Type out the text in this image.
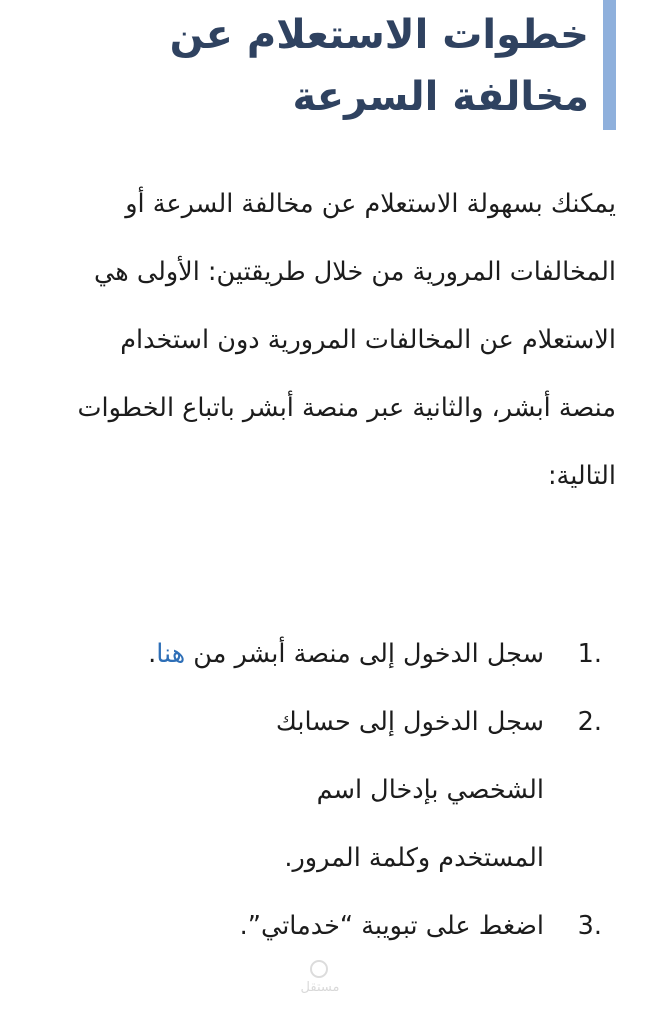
خطوات الاستعلام عن
مخالفة السرعة

يمكنك بسهولة الاستعلام عن مخالفة السرعة أو المخالفات المرورية من خلال طريقتين: الأولى هي الاستعلام عن المخالفات المرورية دون استخدام منصة أبشر، والثانية عبر منصة أبشر باتباع الخطوات التالية:

1.
سجل الدخول إلى منصة أبشر من هنا.
2.
سجل الدخول إلى حسابك الشخصي بإدخال اسم المستخدم وكلمة المرور.
3.
اضغط على تبويبة “خدماتي”.
مستقل
